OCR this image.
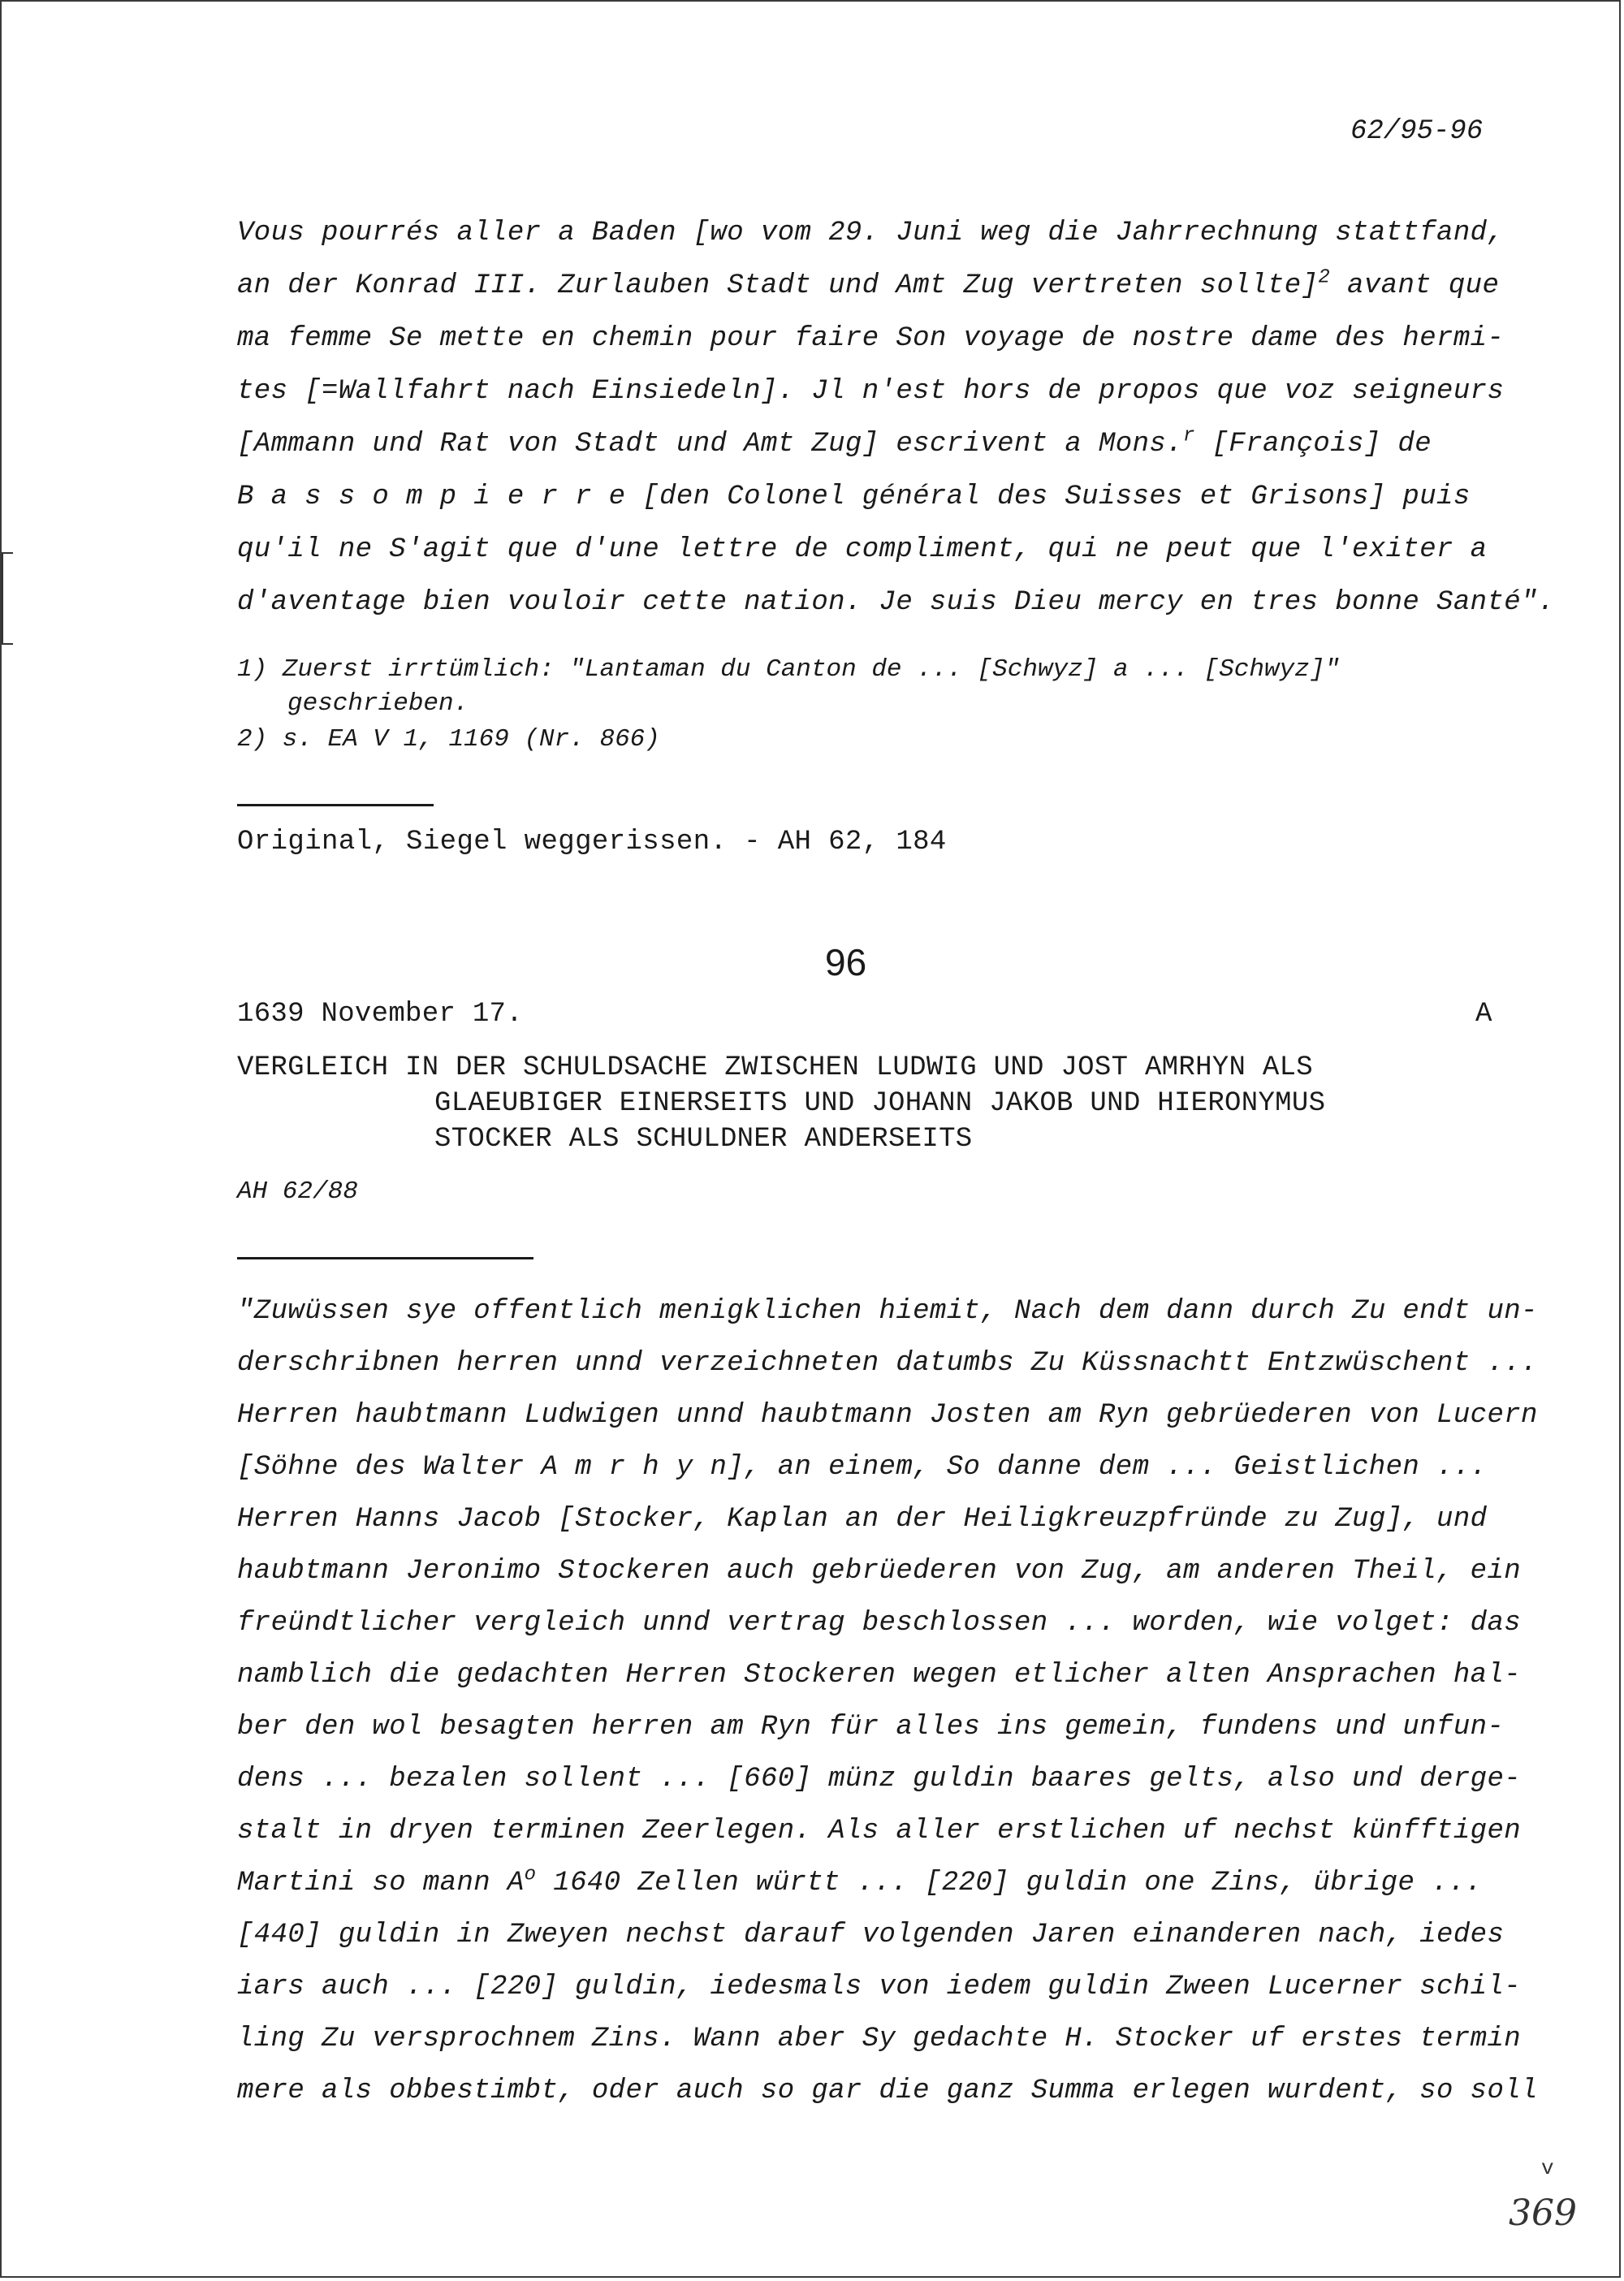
62/95-96
Vous pourrés aller a Baden [wo vom 29. Juni weg die Jahrrechnung stattfand,
an der Konrad III. Zurlauben Stadt und Amt Zug vertreten sollte]$^2$ avant que
ma femme Se mette en chemin pour faire Son voyage de nostre dame des hermi-
tes [=Wallfahrt nach Einsiedeln]. Jl n'est hors de propos que voz seigneurs
[Ammann und Rat von Stadt und Amt Zug] escrivent a Mons.$^r$ [François] de
B a s s o m p i e r r e [den Colonel général des Suisses et Grisons] puis
qu'il ne S'agit que d'une lettre de compliment, qui ne peut que l'exiter a
d'aventage bien vouloir cette nation. Je suis Dieu mercy en tres bonne Santé".
1) Zuerst irrtümlich: "Lantaman du Canton de ... [Schwyz] a ... [Schwyz]"
geschrieben.
2) s. EA V 1, 1169 (Nr. 866)
Original, Siegel weggerissen. - AH 62, 184
96
1639 November 17.	A
VERGLEICH IN DER SCHULDSACHE ZWISCHEN LUDWIG UND JOST AMRHYN ALS
GLAEUBIGER EINERSEITS UND JOHANN JAKOB UND HIERONYMUS
STOCKER ALS SCHULDNER ANDERSEITS
AH 62/88
"Zuwüssen sye offentlich menigklichen hiemit, Nach dem dann durch Zu endt un-
derschribnen herren unnd verzeichneten datumbs Zu Küssnachtt Entzwüschent ...
Herren haubtmann Ludwigen unnd haubtmann Josten am Ryn gebrüederen von Lucern
[Söhne des Walter A m r h y n], an einem, So danne dem ... Geistlichen ...
Herren Hanns Jacob [Stocker, Kaplan an der Heiligkreuzpfründe zu Zug], und
haubtmann Jeronimo Stockeren auch gebrüederen von Zug, am anderen Theil, ein
freündtlicher vergleich unnd vertrag beschlossen ... worden, wie volget: das
namblich die gedachten Herren Stockeren wegen etlicher alten Ansprachen hal-
ber den wol besagten herren am Ryn für alles ins gemein, fundens und unfun-
dens ... bezalen sollent ... [660] münz guldin baares gelts, also und derge-
stalt in dryen terminen Zeerlegen. Als aller erstlichen uf nechst künfftigen
Martini so mann $A^o$ 1640 Zellen württ ... [220] guldin one Zins, übrige ...
[440] guldin in Zweyen nechst darauf volgenden Jaren einanderen nach, iedes
iars auch ... [220] guldin, iedesmals von iedem guldin Zween Lucerner schil-
ling Zu versprochnem Zins. Wann aber Sy gedachte H. Stocker uf erstes termin
mere als obbestimbt, oder auch so gar die ganz Summa erlegen wurdent, so soll
v
369
